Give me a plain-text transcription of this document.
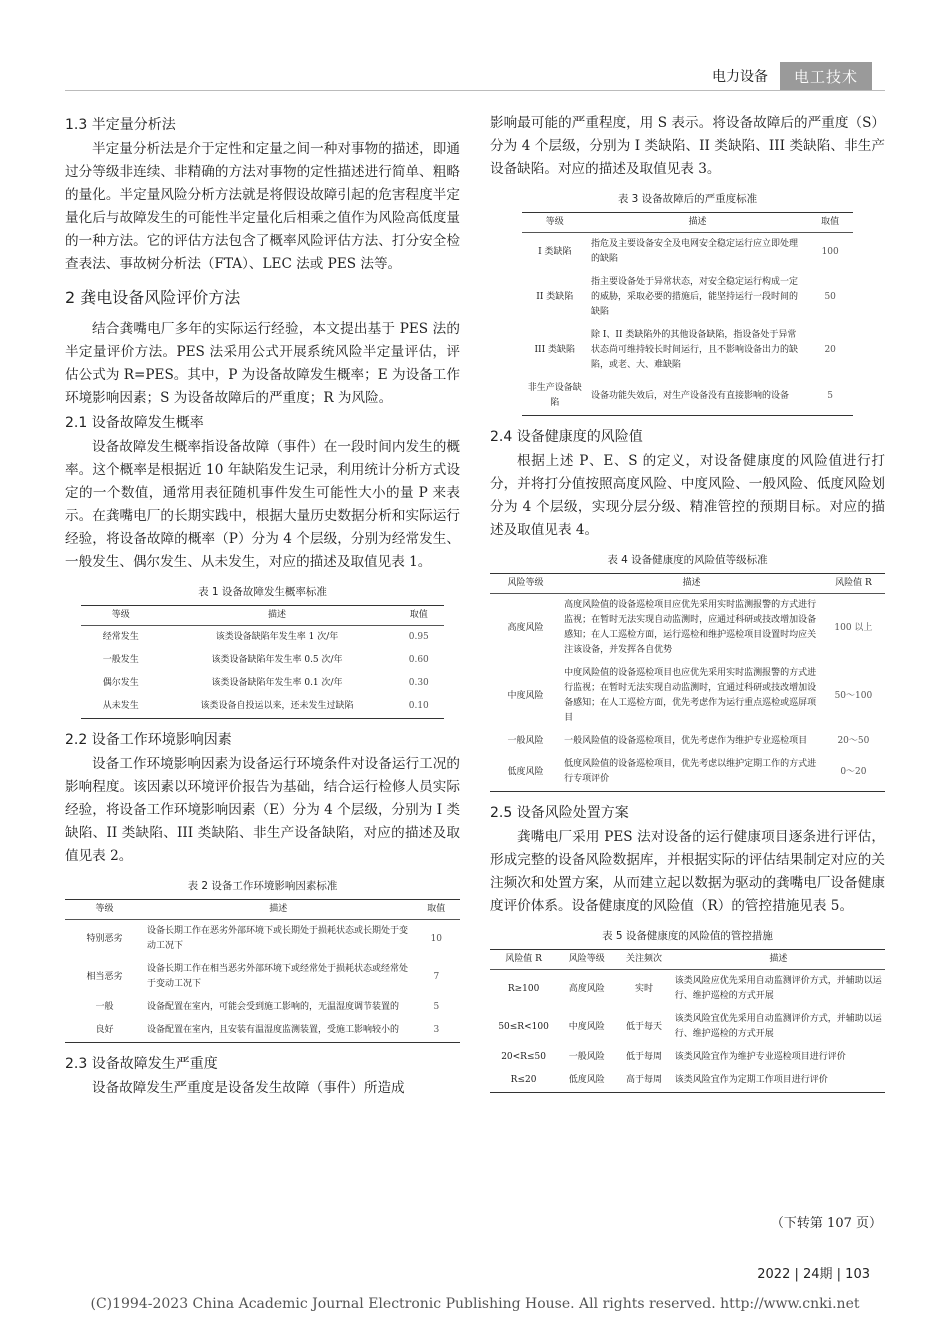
电力设备	电工技术
1.3 半定量分析法

半定量分析法是介于定性和定量之间一种对事物的描述，即通过分等级非连续、非精确的方法对事物的定性描述进行简单、粗略的量化。半定量风险分析方法就是将假设故障引起的危害程度半定量化后与故障发生的可能性半定量化后相乘之值作为风险高低度量的一种方法。它的评估方法包含了概率风险评估方法、打分安全检查表法、事故树分析法（FTA）、LEC 法或 PES 法等。

2 龚电设备风险评价方法

结合龚嘴电厂多年的实际运行经验，本文提出基于 PES 法的半定量评价方法。PES 法采用公式开展系统风险半定量评估，评估公式为 R=PES。其中，P 为设备故障发生概率；E 为设备工作环境影响因素；S 为设备故障后的严重度；R 为风险。

2.1 设备故障发生概率

设备故障发生概率指设备故障（事件）在一段时间内发生的概率。这个概率是根据近 10 年缺陷发生记录，利用统计分析方式设定的一个数值，通常用表征随机事件发生可能性大小的量 P 来表示。在龚嘴电厂的长期实践中，根据大量历史数据分析和实际运行经验，将设备故障的概率（P）分为 4 个层级，分别为经常发生、一般发生、偶尔发生、从未发生，对应的描述及取值见表 1。

表 1 设备故障发生概率标准
等级	描述	取值
经常发生	该类设备缺陷年发生率 1 次/年	0.95
一般发生	该类设备缺陷年发生率 0.5 次/年	0.60
偶尔发生	该类设备缺陷年发生率 0.1 次/年	0.30
从未发生	该类设备自投运以来，还未发生过缺陷	0.10
2.2 设备工作环境影响因素

设备工作环境影响因素为设备运行环境条件对设备运行工况的影响程度。该因素以环境评价报告为基础，结合运行检修人员实际经验，将设备工作环境影响因素（E）分为 4 个层级，分别为 I 类缺陷、II 类缺陷、III 类缺陷、非生产设备缺陷，对应的描述及取值见表 2。

表 2 设备工作环境影响因素标准
等级	描述	取值
特别恶劣	设备长期工作在恶劣外部环境下或长期处于损耗状态或长期处于变动工况下	10
相当恶劣	设备长期工作在相当恶劣外部环境下或经常处于损耗状态或经常处于变动工况下	7
一般	设备配置在室内，可能会受到施工影响的，无温湿度调节装置的	5
良好	设备配置在室内，且安装有温湿度监测装置，受施工影响较小的	3
2.3 设备故障发生严重度

设备故障发生严重度是设备发生故障（事件）所造成

影响最可能的严重程度，用 S 表示。将设备故障后的严重度（S）分为 4 个层级，分别为 I 类缺陷、II 类缺陷、III 类缺陷、非生产设备缺陷。对应的描述及取值见表 3。

表 3 设备故障后的严重度标准
等级	描述	取值
I 类缺陷	指危及主要设备安全及电网安全稳定运行应立即处理的缺陷	100
II 类缺陷	指主要设备处于异常状态，对安全稳定运行构成一定的威胁，采取必要的措施后，能坚持运行一段时间的缺陷	50
III 类缺陷	除 I、II 类缺陷外的其他设备缺陷，指设备处于异常状态尚可维持较长时间运行，且不影响设备出力的缺陷，或老、大、难缺陷	20
非生产设备缺陷	设备功能失效后，对生产设备没有直接影响的设备	5
2.4 设备健康度的风险值

根据上述 P、E、S 的定义，对设备健康度的风险值进行打分，并将打分值按照高度风险、中度风险、一般风险、低度风险划分为 4 个层级，实现分层分级、精准管控的预期目标。对应的描述及取值见表 4。

表 4 设备健康度的风险值等级标准
风险等级	描述	风险值 R
高度风险	高度风险值的设备巡检项目应优先采用实时监测报警的方式进行监视；在暂时无法实现自动监测时，应通过科研或技改增加设备感知；在人工巡检方面，运行巡检和维护巡检项目设置时均应关注该设备，并发挥各自优势	100 以上
中度风险	中度风险值的设备巡检项目也应优先采用实时监测报警的方式进行监视；在暂时无法实现自动监测时，宜通过科研或技改增加设备感知；在人工巡检方面，优先考虑作为运行重点巡检或巡屏项目	50～100
一般风险	一般风险值的设备巡检项目，优先考虑作为维护专业巡检项目	20～50
低度风险	低度风险值的设备巡检项目，优先考虑以维护定期工作的方式进行专项评价	0～20
2.5 设备风险处置方案

龚嘴电厂采用 PES 法对设备的运行健康项目逐条进行评估，形成完整的设备风险数据库，并根据实际的评估结果制定对应的关注频次和处置方案，从而建立起以数据为驱动的龚嘴电厂设备健康度评价体系。设备健康度的风险值（R）的管控措施见表 5。

表 5 设备健康度的风险值的管控措施
风险值 R	风险等级	关注频次	描述
R≥100	高度风险	实时	该类风险应优先采用自动监测评价方式，并辅助以运行、维护巡检的方式开展
50≤R<100	中度风险	低于每天	该类风险宜优先采用自动监测评价方式，并辅助以运行、维护巡检的方式开展
20<R≤50	一般风险	低于每周	该类风险宜作为维护专业巡检项目进行评价
R≤20	低度风险	高于每周	该类风险宜作为定期工作项目进行评价
（下转第 107 页）
2022 | 24期 | 103
(C)1994-2023 China Academic Journal Electronic Publishing House. All rights reserved. http://www.cnki.net
